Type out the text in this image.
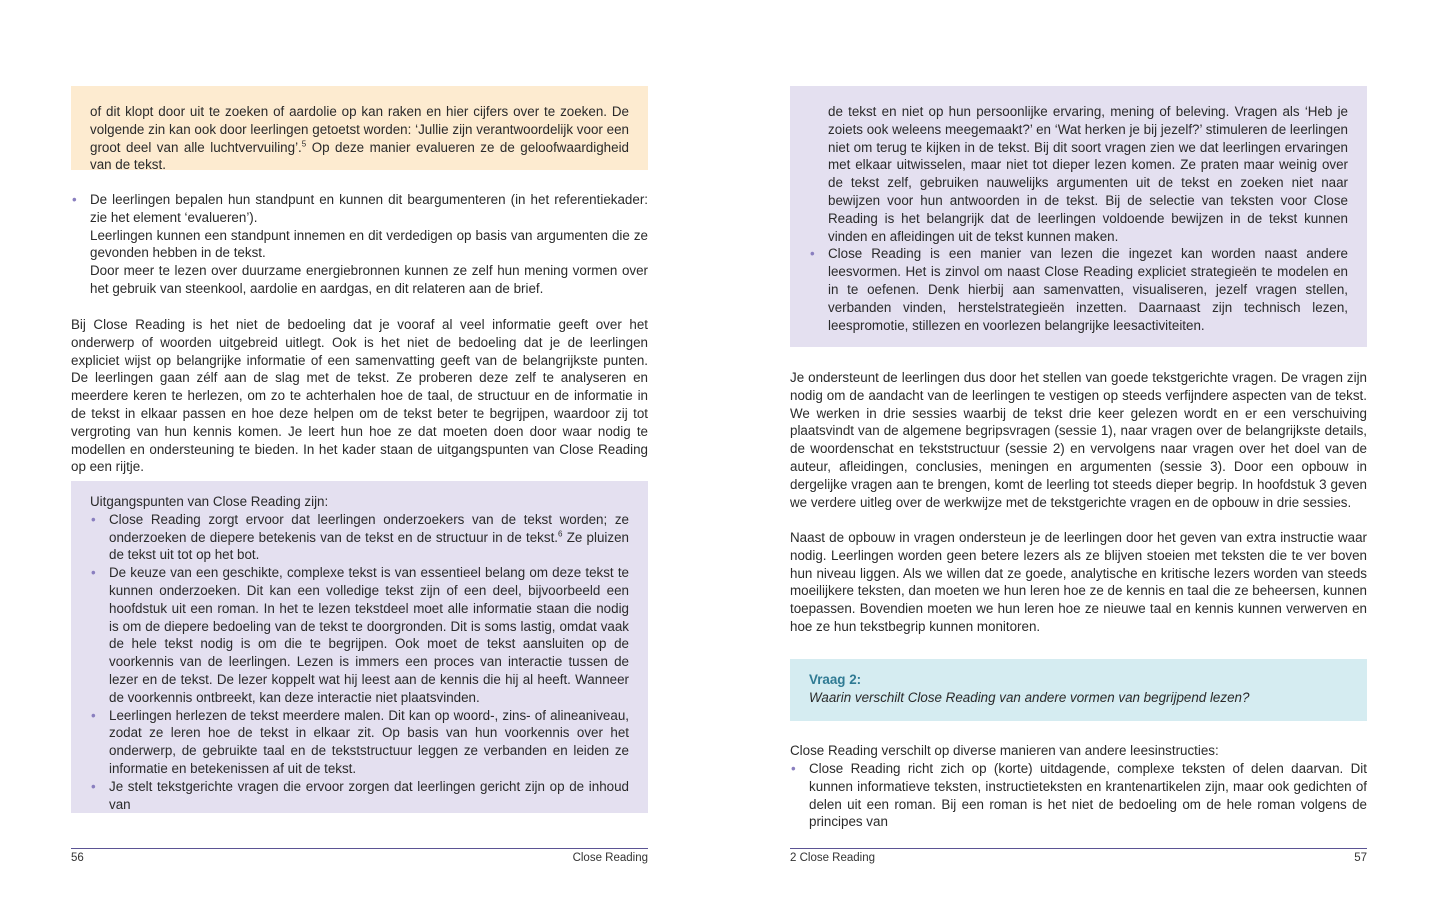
of dit klopt door uit te zoeken of aardolie op kan raken en hier cijfers over te zoeken. De volgende zin kan ook door leerlingen getoetst worden: ‘Jullie zijn verantwoordelijk voor een groot deel van alle luchtvervuiling’.$^5$ Op deze manier evalueren ze de geloofwaardigheid van de tekst.

• De leerlingen bepalen hun standpunt en kunnen dit beargumenteren (in het referentiekader: zie het element ‘evalueren’).
Leerlingen kunnen een standpunt innemen en dit verdedigen op basis van argumenten die ze gevonden hebben in de tekst.
Door meer te lezen over duurzame energiebronnen kunnen ze zelf hun mening vormen over het gebruik van steenkool, aardolie en aardgas, en dit relateren aan de brief.

Bij Close Reading is het niet de bedoeling dat je vooraf al veel informatie geeft over het onderwerp of woorden uitgebreid uitlegt. Ook is het niet de bedoeling dat je de leerlingen expliciet wijst op belangrijke informatie of een samenvatting geeft van de belangrijkste punten. De leerlingen gaan zélf aan de slag met de tekst. Ze proberen deze zelf te analyseren en meerdere keren te herlezen, om zo te achterhalen hoe de taal, de structuur en de informatie in de tekst in elkaar passen en hoe deze helpen om de tekst beter te begrijpen, waardoor zij tot vergroting van hun kennis komen. Je leert hun hoe ze dat moeten doen door waar nodig te modellen en ondersteuning te bieden. In het kader staan de uitgangspunten van Close Reading op een rijtje.

Uitgangspunten van Close Reading zijn:
• Close Reading zorgt ervoor dat leerlingen onderzoekers van de tekst worden; ze onderzoeken de diepere betekenis van de tekst en de structuur in de tekst.$^6$ Ze pluizen de tekst uit tot op het bot.
• De keuze van een geschikte, complexe tekst is van essentieel belang om deze tekst te kunnen onderzoeken. Dit kan een volledige tekst zijn of een deel, bijvoorbeeld een hoofdstuk uit een roman. In het te lezen tekstdeel moet alle informatie staan die nodig is om de diepere bedoeling van de tekst te doorgronden. Dit is soms lastig, omdat vaak de hele tekst nodig is om die te begrijpen. Ook moet de tekst aansluiten op de voorkennis van de leerlingen. Lezen is immers een proces van interactie tussen de lezer en de tekst. De lezer koppelt wat hij leest aan de kennis die hij al heeft. Wanneer de voorkennis ontbreekt, kan deze interactie niet plaatsvinden.
• Leerlingen herlezen de tekst meerdere malen. Dit kan op woord-, zins- of alineaniveau, zodat ze leren hoe de tekst in elkaar zit. Op basis van hun voorkennis over het onderwerp, de gebruikte taal en de tekststructuur leggen ze verbanden en leiden ze informatie en betekenissen af uit de tekst.
• Je stelt tekstgerichte vragen die ervoor zorgen dat leerlingen gericht zijn op de inhoud van
56	Close Reading
de tekst en niet op hun persoonlijke ervaring, mening of beleving. Vragen als ‘Heb je zoiets ook weleens meegemaakt?’ en ‘Wat herken je bij jezelf?’ stimuleren de leerlingen niet om terug te kijken in de tekst. Bij dit soort vragen zien we dat leerlingen ervaringen met elkaar uitwisselen, maar niet tot dieper lezen komen. Ze praten maar weinig over de tekst zelf, gebruiken nauwelijks argumenten uit de tekst en zoeken niet naar bewijzen voor hun antwoorden in de tekst. Bij de selectie van teksten voor Close Reading is het belangrijk dat de leerlingen voldoende bewijzen in de tekst kunnen vinden en afleidingen uit de tekst kunnen maken.
• Close Reading is een manier van lezen die ingezet kan worden naast andere leesvormen. Het is zinvol om naast Close Reading expliciet strategieën te modelen en in te oefenen. Denk hierbij aan samenvatten, visualiseren, jezelf vragen stellen, verbanden vinden, herstelstrategieën inzetten. Daarnaast zijn technisch lezen, leespromotie, stillezen en voorlezen belangrijke leesactiviteiten.

Je ondersteunt de leerlingen dus door het stellen van goede tekstgerichte vragen. De vragen zijn nodig om de aandacht van de leerlingen te vestigen op steeds verfijndere aspecten van de tekst. We werken in drie sessies waarbij de tekst drie keer gelezen wordt en er een verschuiving plaatsvindt van de algemene begripsvragen (sessie 1), naar vragen over de belangrijkste details, de woordenschat en tekststructuur (sessie 2) en vervolgens naar vragen over het doel van de auteur, afleidingen, conclusies, meningen en argumenten (sessie 3). Door een opbouw in dergelijke vragen aan te brengen, komt de leerling tot steeds dieper begrip. In hoofdstuk 3 geven we verdere uitleg over de werkwijze met de tekstgerichte vragen en de opbouw in drie sessies.

Naast de opbouw in vragen ondersteun je de leerlingen door het geven van extra instructie waar nodig. Leerlingen worden geen betere lezers als ze blijven stoeien met teksten die te ver boven hun niveau liggen. Als we willen dat ze goede, analytische en kritische lezers worden van steeds moeilijkere teksten, dan moeten we hun leren hoe ze de kennis en taal die ze beheersen, kunnen toepassen. Bovendien moeten we hun leren hoe ze nieuwe taal en kennis kunnen verwerven en hoe ze hun tekstbegrip kunnen monitoren.

Vraag 2:
Waarin verschilt Close Reading van andere vormen van begrijpend lezen?
Close Reading verschilt op diverse manieren van andere leesinstructies:
• Close Reading richt zich op (korte) uitdagende, complexe teksten of delen daarvan. Dit kunnen informatieve teksten, instructieteksten en krantenartikelen zijn, maar ook gedichten of delen uit een roman. Bij een roman is het niet de bedoeling om de hele roman volgens de principes van
2 Close Reading	57
